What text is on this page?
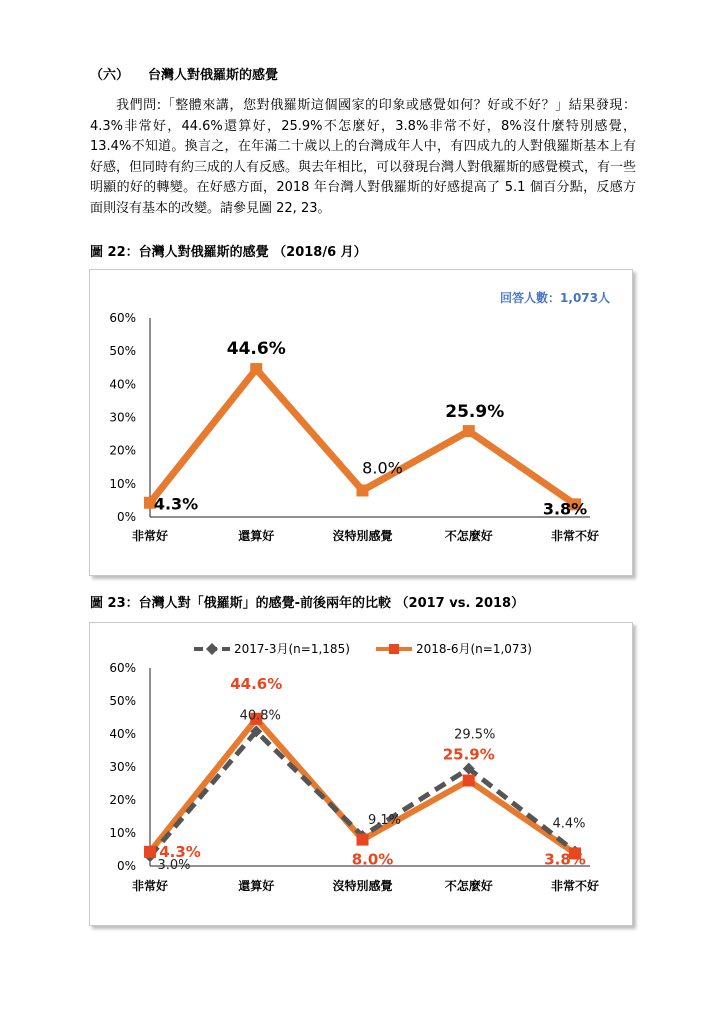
（六） 台灣人對俄羅斯的感覺

我們問:「整體來講，您對俄羅斯這個國家的印象或感覺如何？好或不好？」結果發現：4.3%非常好，44.6%還算好，25.9%不怎麼好，3.8%非常不好，8%沒什麼特別感覺，13.4%不知道。換言之，在年滿二十歲以上的台灣成年人中，有四成九的人對俄羅斯基本上有好感，但同時有約三成的人有反感。與去年相比，可以發現台灣人對俄羅斯的感覺模式，有一些明顯的好的轉變。在好感方面，2018 年台灣人對俄羅斯的好感提高了 5.1 個百分點，反感方面則沒有基本的改變。請參見圖 22, 23。

圖 22：台灣人對俄羅斯的感覺 （2018/6 月）
回答人數：1,073人
0%
10%
20%
30%
40%
50%
60%
非常好	還算好	沒特別感覺	不怎麼好	非常不好
4.3%
44.6%
8.0%
25.9%
3.8%
圖 23：台灣人對「俄羅斯」的感覺-前後兩年的比較 （2017 vs. 2018）
2017-3月(n=1,185)	2018-6月(n=1,073)
0%
10%
20%
30%
40%
50%
60%
非常好	還算好	沒特別感覺	不怎麼好	非常不好
3.0%
40.8%
9.1%
29.5%
4.4%
4.3%
44.6%
8.0%
25.9%
3.8%
